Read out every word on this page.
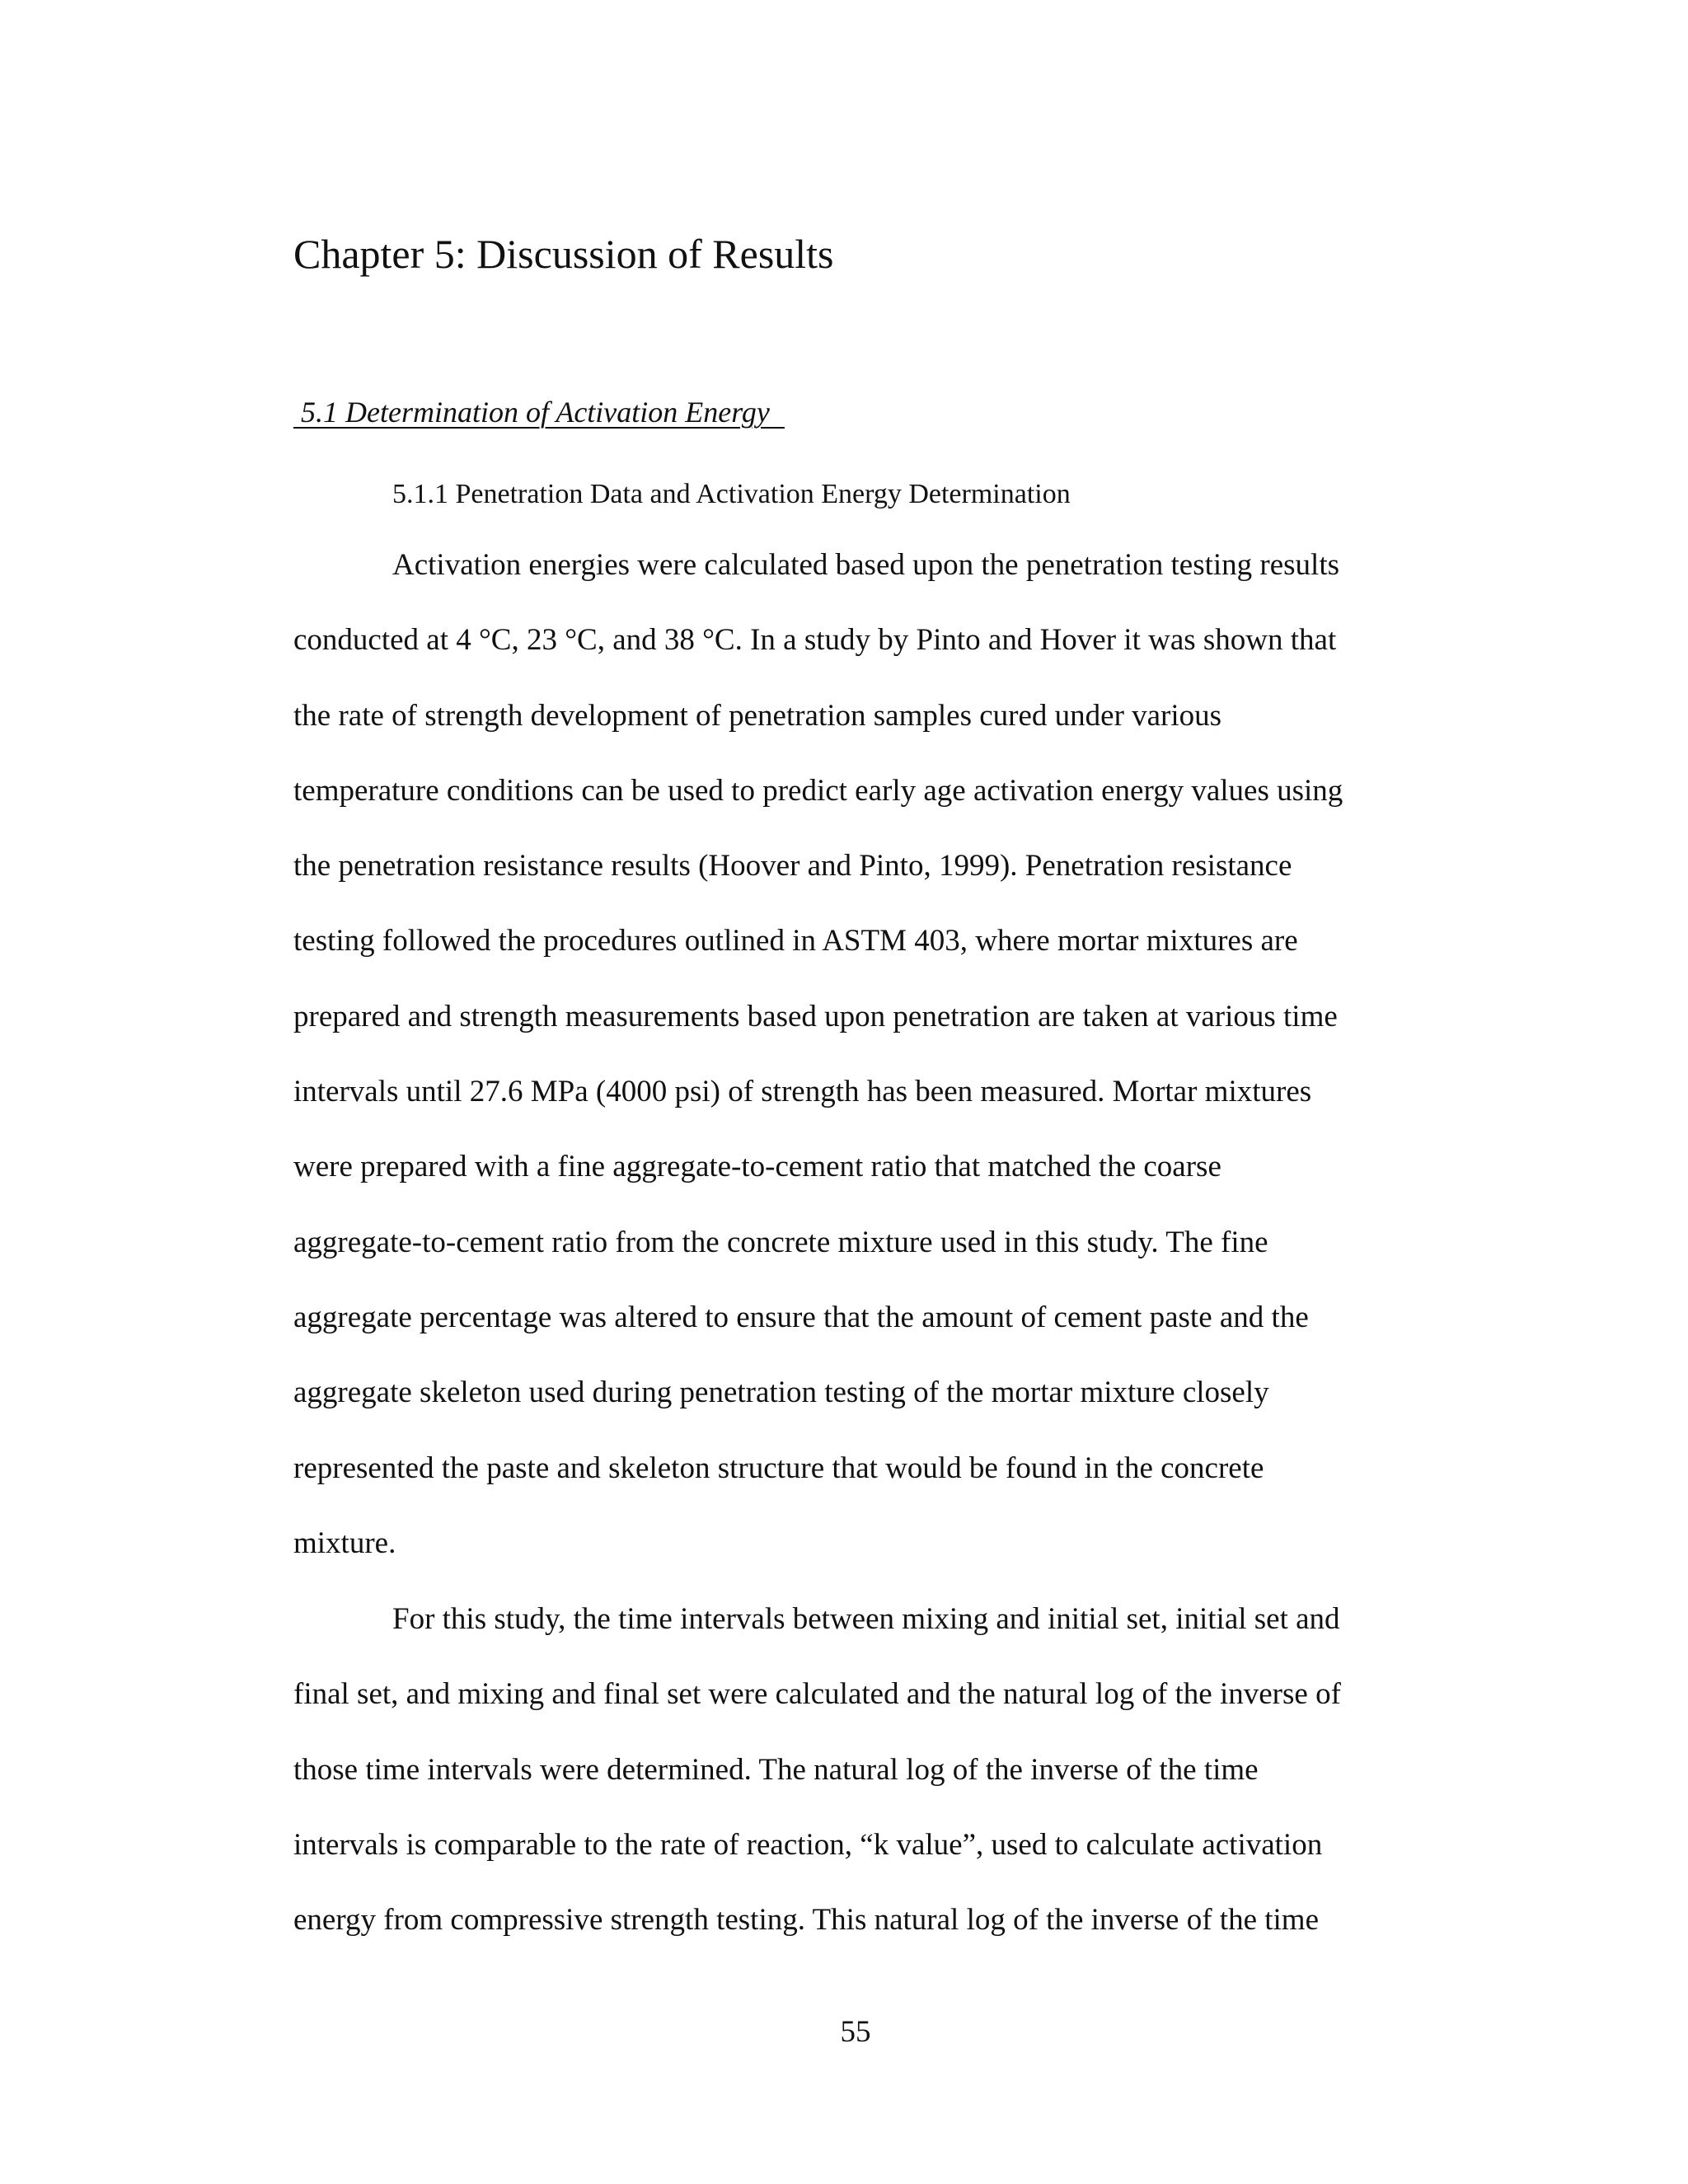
Chapter 5: Discussion of Results
5.1 Determination of Activation Energy
5.1.1 Penetration Data and Activation Energy Determination
Activation energies were calculated based upon the penetration testing results
conducted at 4 °C, 23 °C, and 38 °C. In a study by Pinto and Hover it was shown that
the rate of strength development of penetration samples cured under various
temperature conditions can be used to predict early age activation energy values using
the penetration resistance results (Hoover and Pinto, 1999). Penetration resistance
testing followed the procedures outlined in ASTM 403, where mortar mixtures are
prepared and strength measurements based upon penetration are taken at various time
intervals until 27.6 MPa (4000 psi) of strength has been measured. Mortar mixtures
were prepared with a fine aggregate-to-cement ratio that matched the coarse
aggregate-to-cement ratio from the concrete mixture used in this study. The fine
aggregate percentage was altered to ensure that the amount of cement paste and the
aggregate skeleton used during penetration testing of the mortar mixture closely
represented the paste and skeleton structure that would be found in the concrete
mixture.
For this study, the time intervals between mixing and initial set, initial set and
final set, and mixing and final set were calculated and the natural log of the inverse of
those time intervals were determined. The natural log of the inverse of the time
intervals is comparable to the rate of reaction, “k value”, used to calculate activation
energy from compressive strength testing. This natural log of the inverse of the time
55
